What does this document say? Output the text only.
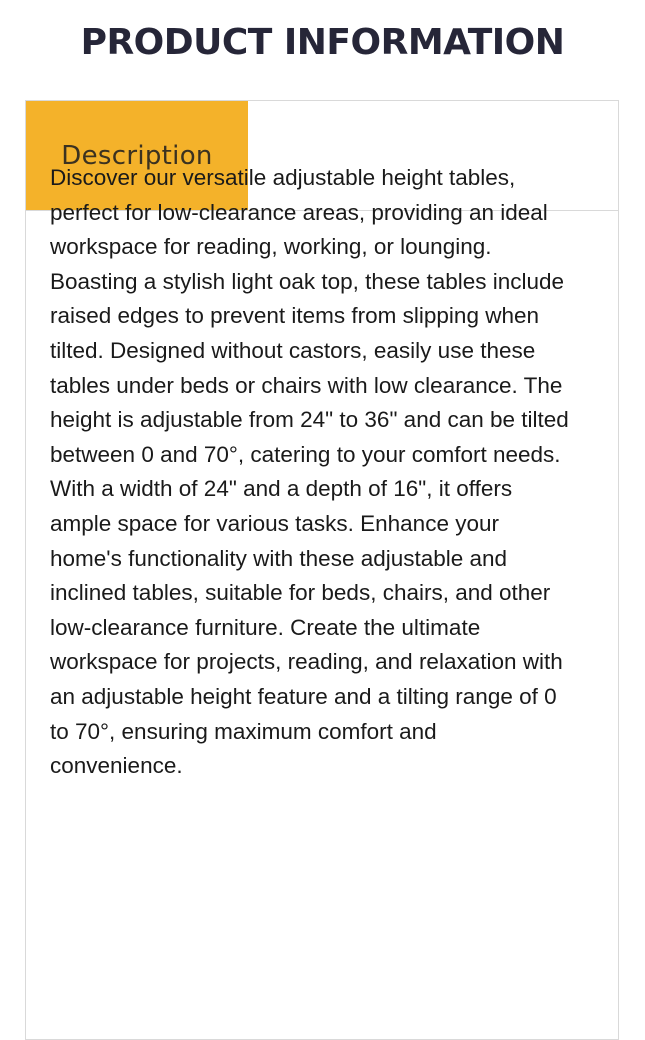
PRODUCT INFORMATION
Description

Discover our versatile adjustable height tables, perfect for low-clearance areas, providing an ideal workspace for reading, working, or lounging. Boasting a stylish light oak top, these tables include raised edges to prevent items from slipping when tilted. Designed without castors, easily use these tables under beds or chairs with low clearance. The height is adjustable from 24" to 36" and can be tilted between 0 and 70°, catering to your comfort needs. With a width of 24" and a depth of 16", it offers ample space for various tasks. Enhance your home's functionality with these adjustable and inclined tables, suitable for beds, chairs, and other low-clearance furniture. Create the ultimate workspace for projects, reading, and relaxation with an adjustable height feature and a tilting range of 0 to 70°, ensuring maximum comfort and convenience.
